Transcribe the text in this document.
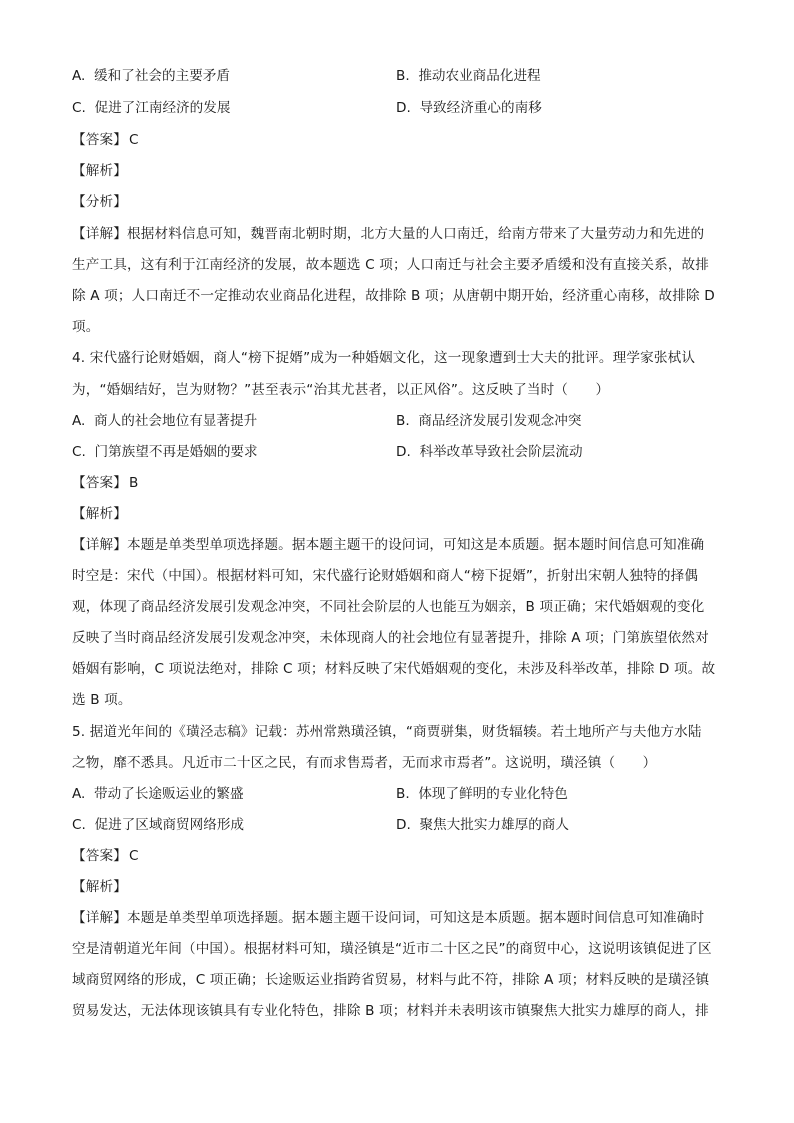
A. 缓和了社会的主要矛盾	B. 推动农业商品化进程
C. 促进了江南经济的发展	D. 导致经济重心的南移
【答案】 C
【解析】
【分析】
【详解】根据材料信息可知，魏晋南北朝时期，北方大量的人口南迁，给南方带来了大量劳动力和先进的
生产工具，这有利于江南经济的发展，故本题选 C 项；人口南迁与社会主要矛盾缓和没有直接关系，故排
除 A 项；人口南迁不一定推动农业商品化进程，故排除 B 项；从唐朝中期开始，经济重心南移，故排除 D
项。
4. 宋代盛行论财婚姻，商人“榜下捉婿”成为一种婚姻文化，这一现象遭到士大夫的批评。理学家张栻认
为，“婚姻结好，岂为财物？”甚至表示“治其尤甚者，以正风俗”。这反映了当时（　　）
A. 商人的社会地位有显著提升	B. 商品经济发展引发观念冲突
C. 门第族望不再是婚姻的要求	D. 科举改革导致社会阶层流动
【答案】 B
【解析】
【详解】本题是单类型单项选择题。据本题主题干的设问词，可知这是本质题。据本题时间信息可知准确
时空是：宋代（中国）。根据材料可知，宋代盛行论财婚姻和商人“榜下捉婿”，折射出宋朝人独特的择偶
观，体现了商品经济发展引发观念冲突，不同社会阶层的人也能互为姻亲，B 项正确；宋代婚姻观的变化
反映了当时商品经济发展引发观念冲突，未体现商人的社会地位有显著提升，排除 A 项；门第族望依然对
婚姻有影响，C 项说法绝对，排除 C 项；材料反映了宋代婚姻观的变化，未涉及科举改革，排除 D 项。故
选 B 项。
5. 据道光年间的《璜泾志稿》记载：苏州常熟璜泾镇，“商贾骈集，财货辐辏。若土地所产与夫他方水陆
之物，靡不悉具。凡近市二十区之民，有而求售焉者，无而求市焉者”。这说明，璜泾镇（　　）
A. 带动了长途贩运业的繁盛	B. 体现了鲜明的专业化特色
C. 促进了区域商贸网络形成	D. 聚焦大批实力雄厚的商人
【答案】 C
【解析】
【详解】本题是单类型单项选择题。据本题主题干设问词，可知这是本质题。据本题时间信息可知准确时
空是清朝道光年间（中国）。根据材料可知，璜泾镇是“近市二十区之民”的商贸中心，这说明该镇促进了区
域商贸网络的形成，C 项正确；长途贩运业指跨省贸易，材料与此不符，排除 A 项；材料反映的是璜泾镇
贸易发达，无法体现该镇具有专业化特色，排除 B 项；材料并未表明该市镇聚焦大批实力雄厚的商人，排
